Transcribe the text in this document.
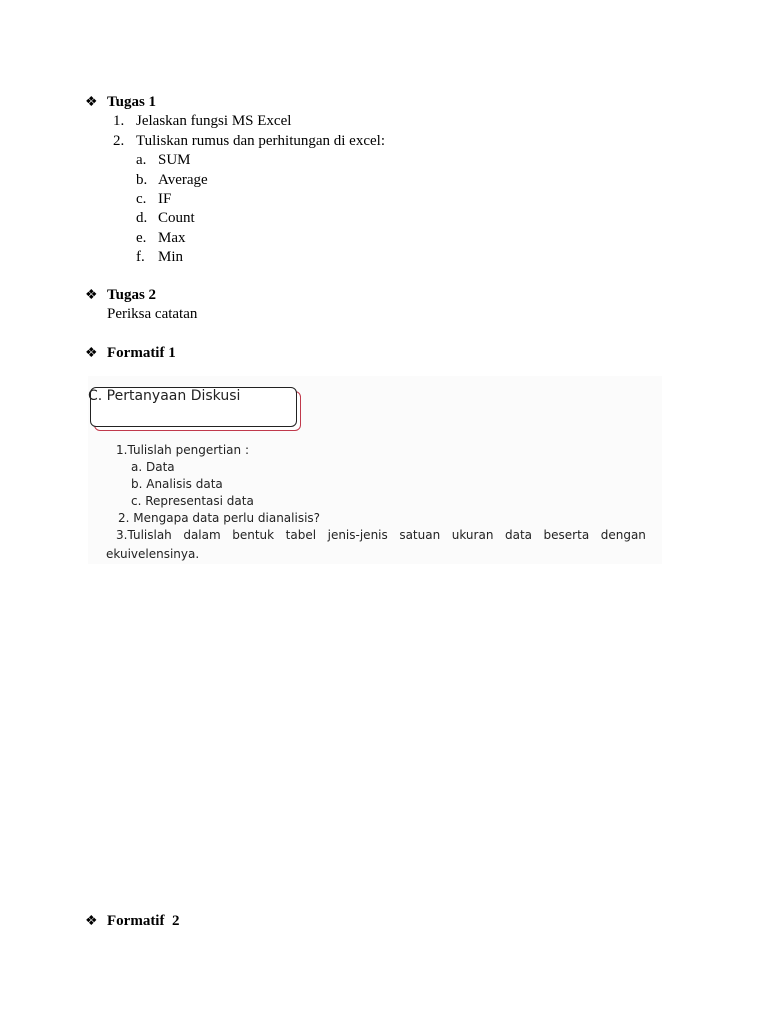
❖ Tugas 1
1. Jelaskan fungsi MS Excel
2. Tuliskan rumus dan perhitungan di excel:
a. SUM
b. Average
c. IF
d. Count
e. Max
f. Min
❖ Tugas 2
Periksa catatan
❖ Formatif 1
C. Pertanyaan Diskusi
1.Tulislah pengertian :
a. Data
b. Analisis data
c. Representasi data
2. Mengapa data perlu dianalisis?
3.Tulislah dalam bentuk tabel jenis-jenis satuan ukuran data beserta dengan
ekuivelensinya.
❖ Formatif  2
